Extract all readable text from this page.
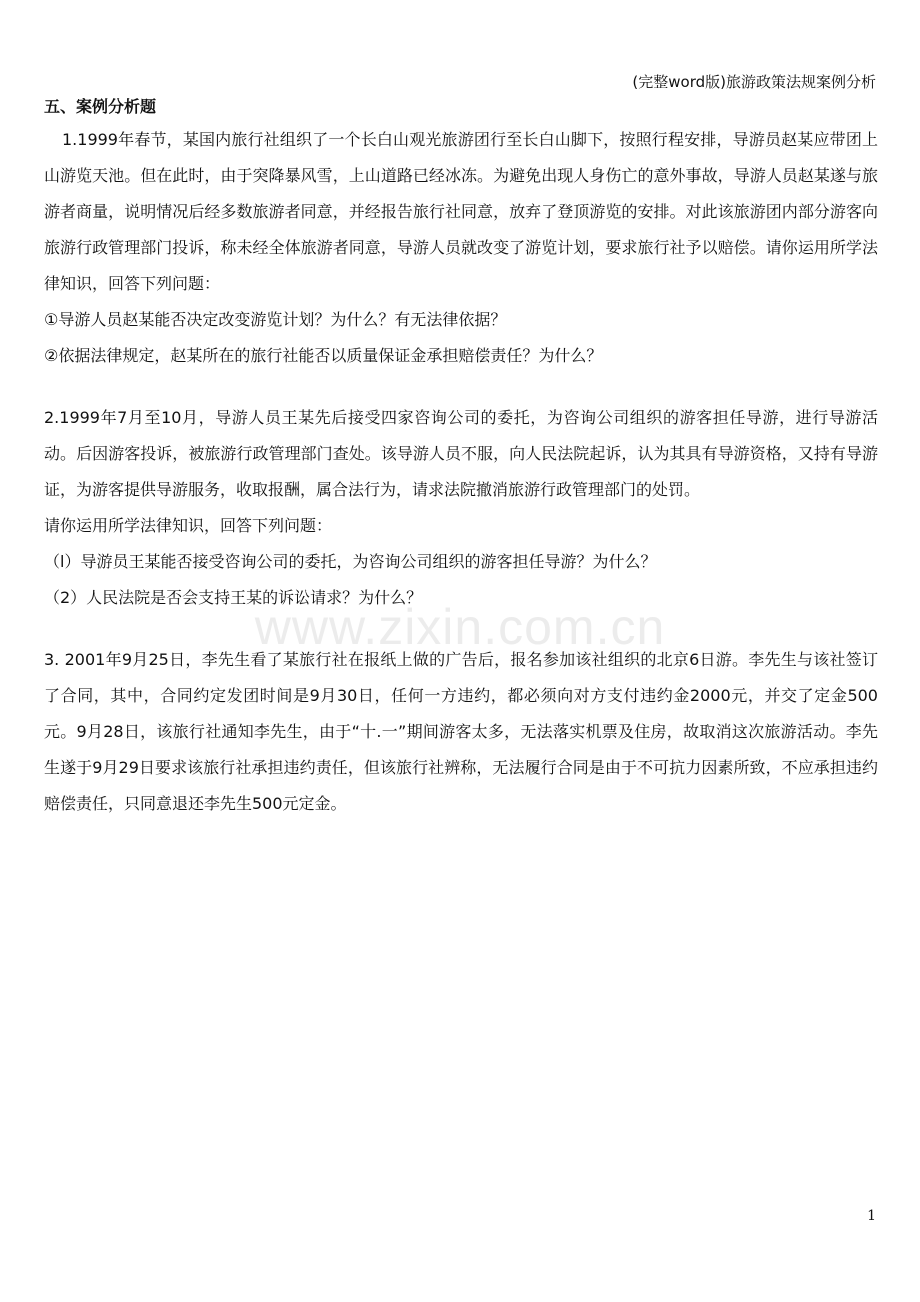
(完整word版)旅游政策法规案例分析
www.zixin.com.cn

五、案例分析题

1.1999年春节，某国内旅行社组织了一个长白山观光旅游团行至长白山脚下，按照行程安排，导游员赵某应带团上山游览天池。但在此时，由于突降暴风雪，上山道路已经冰冻。为避免出现人身伤亡的意外事故，导游人员赵某遂与旅游者商量，说明情况后经多数旅游者同意，并经报告旅行社同意，放弃了登顶游览的安排。对此该旅游团内部分游客向旅游行政管理部门投诉，称未经全体旅游者同意，导游人员就改变了游览计划，要求旅行社予以赔偿。请你运用所学法律知识，回答下列问题：

①导游人员赵某能否决定改变游览计划？为什么？有无法律依据？

②依据法律规定，赵某所在的旅行社能否以质量保证金承担赔偿责任？为什么？

2.1999年7月至10月，导游人员王某先后接受四家咨询公司的委托，为咨询公司组织的游客担任导游，进行导游活动。后因游客投诉，被旅游行政管理部门查处。该导游人员不服，向人民法院起诉，认为其具有导游资格，又持有导游证，为游客提供导游服务，收取报酬，属合法行为，请求法院撤消旅游行政管理部门的处罚。

请你运用所学法律知识，回答下列问题：

（l）导游员王某能否接受咨询公司的委托，为咨询公司组织的游客担任导游？为什么？

（2）人民法院是否会支持王某的诉讼请求？为什么？

3. 2001年9月25日，李先生看了某旅行社在报纸上做的广告后，报名参加该社组织的北京6日游。李先生与该社签订了合同，其中，合同约定发团时间是9月30日，任何一方违约，都必须向对方支付违约金2000元，并交了定金500元。9月28日，该旅行社通知李先生，由于“十.一”期间游客太多，无法落实机票及住房，故取消这次旅游活动。李先生遂于9月29日要求该旅行社承担违约责任，但该旅行社辨称，无法履行合同是由于不可抗力因素所致，不应承担违约赔偿责任，只同意退还李先生500元定金。

1
